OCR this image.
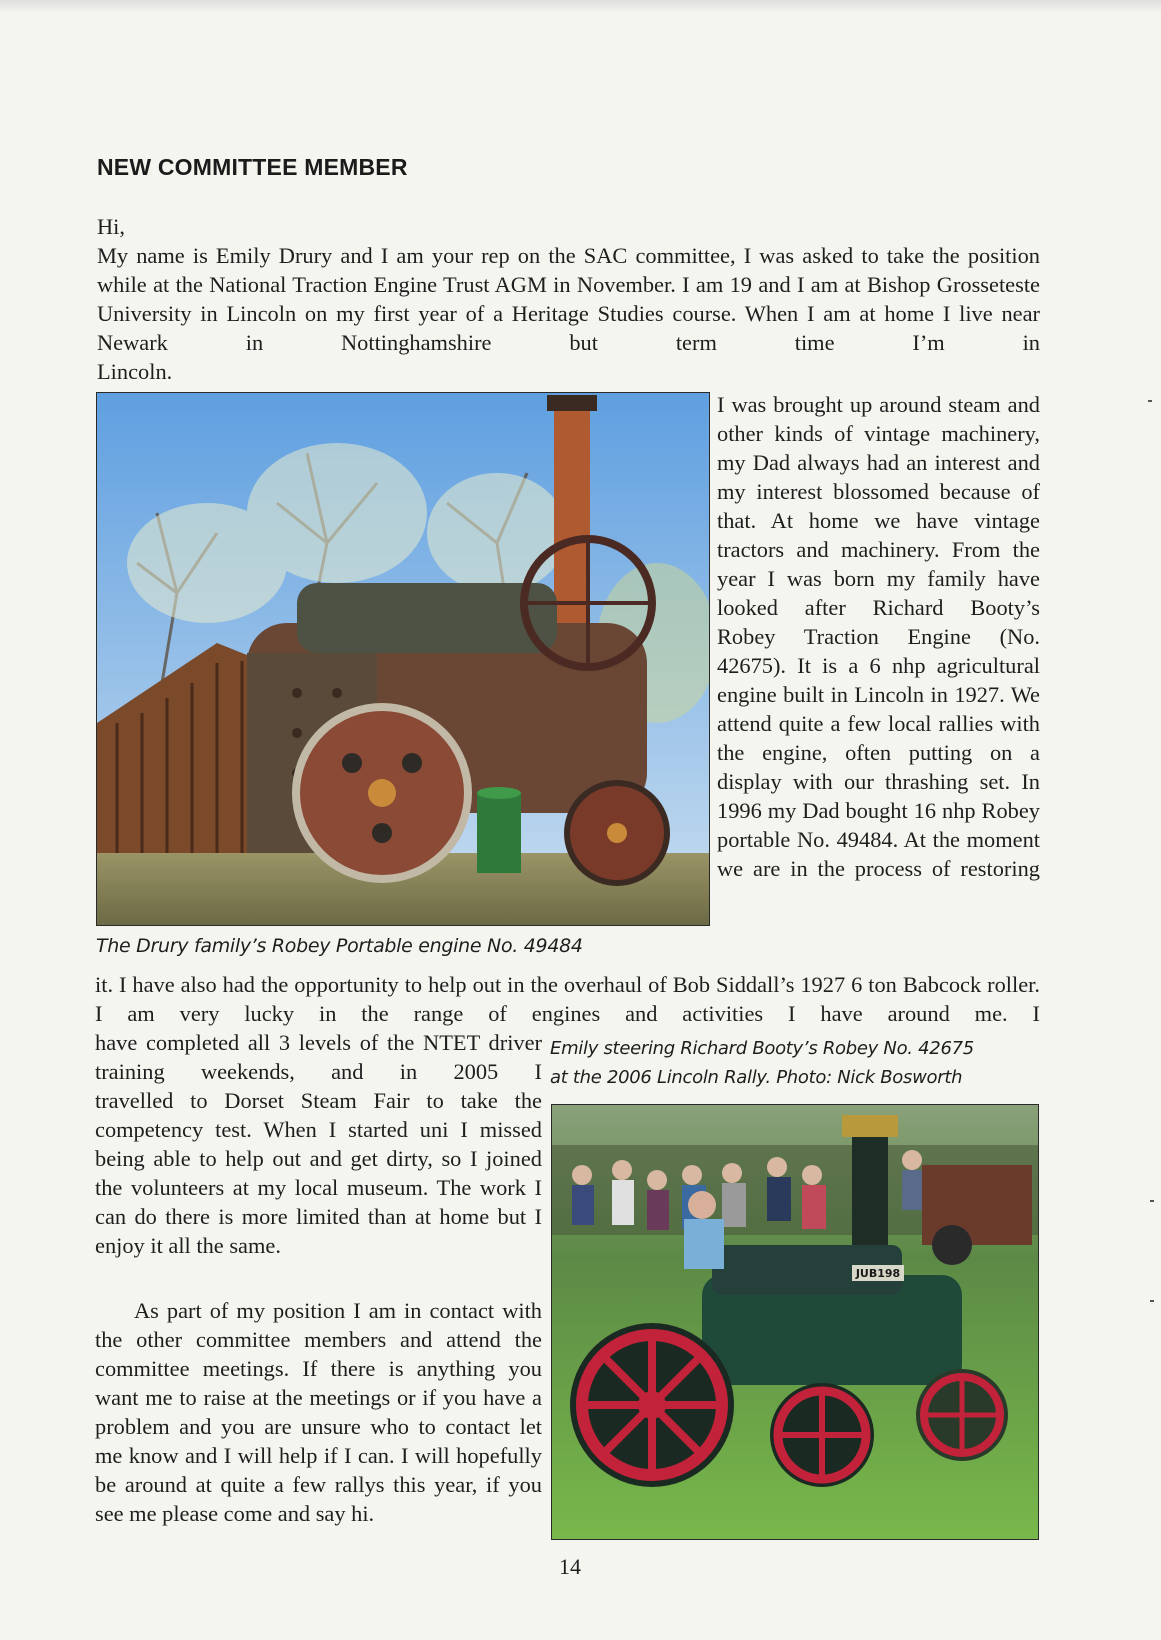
NEW COMMITTEE MEMBER

Hi,

My name is Emily Drury and I am your rep on the SAC committee, I was asked to take the position while at the National Traction Engine Trust AGM in November. I am 19 and I am at Bishop Grosseteste University in Lincoln on my first year of a Heritage Studies course. When I am at home I live near Newark in Nottinghamshire but term time I’m in

Lincoln.

The Drury family’s Robey Portable engine No. 49484

I was brought up around steam and other kinds of vintage machinery, my Dad always had an interest and my interest blossomed because of that. At home we have vintage tractors and machinery. From the year I was born my family have looked after Richard Booty’s Robey Traction Engine (No. 42675). It is a 6 nhp agricultural engine built in Lincoln in 1927. We attend quite a few local rallies with the engine, often putting on a display with our thrashing set. In 1996 my Dad bought 16 nhp Robey portable No. 49484. At the moment we are in the process of restoring

it. I have also had the opportunity to help out in the overhaul of Bob Siddall’s 1927 6 ton Babcock roller. I am very lucky in the range of engines and activities I have around me. I

have completed all 3 levels of the NTET driver training weekends, and in 2005 I

Emily steering Richard Booty’s Robey No. 42675
at the 2006 Lincoln Rally. Photo: Nick Bosworth

travelled to Dorset Steam Fair to take the competency test. When I started uni I missed being able to help out and get dirty, so I joined the volunteers at my local museum. The work I can do there is more limited than at home but I enjoy it all the same.

As part of my position I am in contact with the other committee members and attend the committee meetings. If there is anything you want me to raise at the meetings or if you have a problem and you are unsure who to contact let me know and I will help if I can. I will hopefully be around at quite a few rallys this year, if you see me please come and say hi.

JUB198

14
